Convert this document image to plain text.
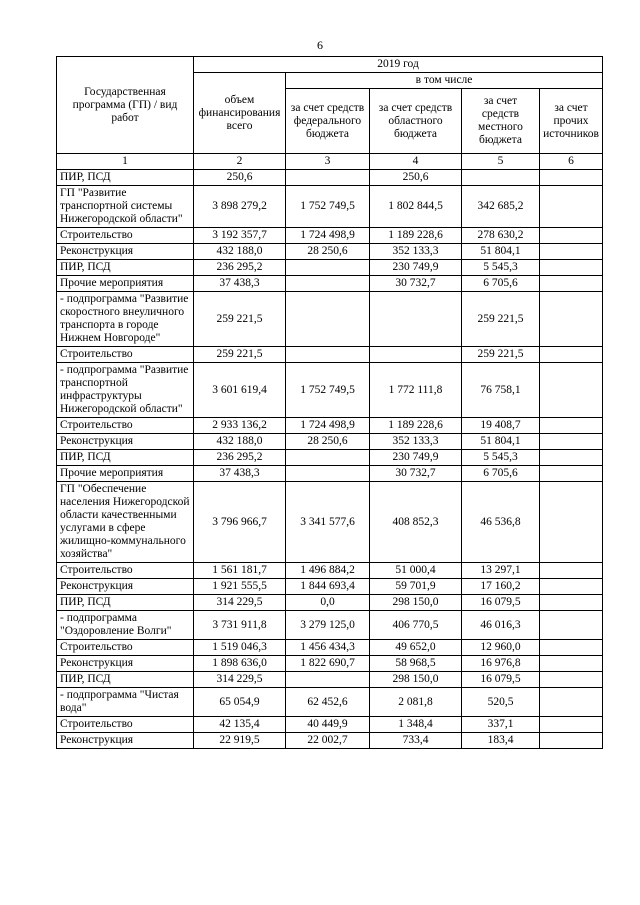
6
Государственная программа (ГП) / вид работ	2019 год				
	объем финансирования всего	в том числе			
		за счет средств федерального бюджета	за счет средств областного бюджета	за счет средств местного бюджета	за счет прочих источников
1	2	3	4	5	6
ПИР, ПСД	250,6		250,6		
ГП "Развитие транспортной системы Нижегородской области"	3 898 279,2	1 752 749,5	1 802 844,5	342 685,2	
Строительство	3 192 357,7	1 724 498,9	1 189 228,6	278 630,2	
Реконструкция	432 188,0	28 250,6	352 133,3	51 804,1	
ПИР, ПСД	236 295,2		230 749,9	5 545,3	
Прочие мероприятия	37 438,3		30 732,7	6 705,6	
- подпрограмма "Развитие скоростного внеуличного транспорта в городе Нижнем Новгороде"	259 221,5			259 221,5	
Строительство	259 221,5			259 221,5	
- подпрограмма "Развитие транспортной инфраструктуры Нижегородской области"	3 601 619,4	1 752 749,5	1 772 111,8	76 758,1	
Строительство	2 933 136,2	1 724 498,9	1 189 228,6	19 408,7	
Реконструкция	432 188,0	28 250,6	352 133,3	51 804,1	
ПИР, ПСД	236 295,2		230 749,9	5 545,3	
Прочие мероприятия	37 438,3		30 732,7	6 705,6	
ГП "Обеспечение населения Нижегородской области качественными услугами в сфере жилищно-коммунального хозяйства"	3 796 966,7	3 341 577,6	408 852,3	46 536,8	
Строительство	1 561 181,7	1 496 884,2	51 000,4	13 297,1	
Реконструкция	1 921 555,5	1 844 693,4	59 701,9	17 160,2	
ПИР, ПСД	314 229,5	0,0	298 150,0	16 079,5	
- подпрограмма "Оздоровление Волги"	3 731 911,8	3 279 125,0	406 770,5	46 016,3	
Строительство	1 519 046,3	1 456 434,3	49 652,0	12 960,0	
Реконструкция	1 898 636,0	1 822 690,7	58 968,5	16 976,8	
ПИР, ПСД	314 229,5		298 150,0	16 079,5	
- подпрограмма "Чистая вода"	65 054,9	62 452,6	2 081,8	520,5	
Строительство	42 135,4	40 449,9	1 348,4	337,1	
Реконструкция	22 919,5	22 002,7	733,4	183,4	
